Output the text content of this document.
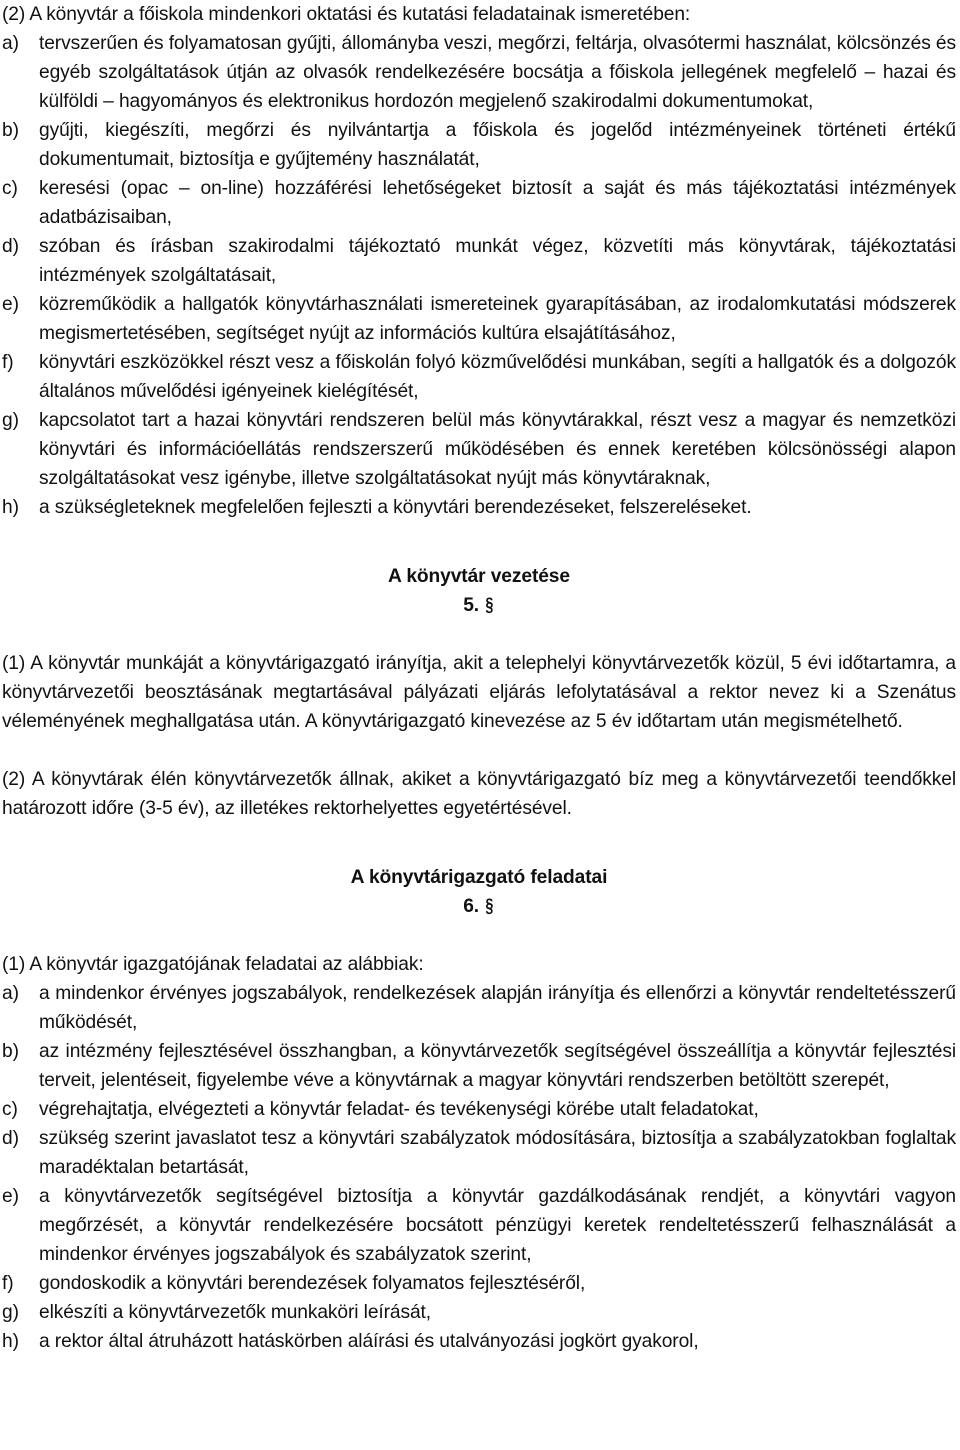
(2) A könyvtár a főiskola mindenkori oktatási és kutatási feladatainak ismeretében:

a)	tervszerűen és folyamatosan gyűjti, állományba veszi, megőrzi, feltárja, olvasótermi használat, kölcsönzés és egyéb szolgáltatások útján az olvasók rendelkezésére bocsátja a főiskola jellegének megfelelő – hazai és külföldi – hagyományos és elektronikus hordozón megjelenő szakirodalmi dokumentumokat,
b)	gyűjti, kiegészíti, megőrzi és nyilvántartja a főiskola és jogelőd intézményeinek történeti értékű dokumentumait, biztosítja e gyűjtemény használatát,
c)	keresési (opac – on-line) hozzáférési lehetőségeket biztosít a saját és más tájékoztatási intézmények adatbázisaiban,
d)	szóban és írásban szakirodalmi tájékoztató munkát végez, közvetíti más könyvtárak, tájékoztatási intézmények szolgáltatásait,
e)	közreműködik a hallgatók könyvtárhasználati ismereteinek gyarapításában, az irodalomkutatási módszerek megismertetésében, segítséget nyújt az információs kultúra elsajátításához,
f)	könyvtári eszközökkel részt vesz a főiskolán folyó közművelődési munkában, segíti a hallgatók és a dolgozók általános művelődési igényeinek kielégítését,
g)	kapcsolatot tart a hazai könyvtári rendszeren belül más könyvtárakkal, részt vesz a magyar és nemzetközi könyvtári és információellátás rendszerszerű működésében és ennek keretében kölcsönösségi alapon szolgáltatásokat vesz igénybe, illetve szolgáltatásokat nyújt más könyvtáraknak,
h)	a szükségleteknek megfelelően fejleszti a könyvtári berendezéseket, felszereléseket.

A könyvtár vezetése

5. §

(1) A könyvtár munkáját a könyvtárigazgató irányítja, akit a telephelyi könyvtárvezetők közül, 5 évi időtartamra, a könyvtárvezetői beosztásának megtartásával pályázati eljárás lefolytatásával a rektor nevez ki a Szenátus véleményének meghallgatása után. A könyvtárigazgató kinevezése az 5 év időtartam után megismételhető.

(2) A könyvtárak élén könyvtárvezetők állnak, akiket a könyvtárigazgató bíz meg a könyvtárvezetői teendőkkel határozott időre (3-5 év), az illetékes rektorhelyettes egyetértésével.

A könyvtárigazgató feladatai

6. §

(1) A könyvtár igazgatójának feladatai az alábbiak:

a)	a mindenkor érvényes jogszabályok, rendelkezések alapján irányítja és ellenőrzi a könyvtár rendeltetésszerű működését,
b)	az intézmény fejlesztésével összhangban, a könyvtárvezetők segítségével összeállítja a könyvtár fejlesztési terveit, jelentéseit, figyelembe véve a könyvtárnak a magyar könyvtári rendszerben betöltött szerepét,
c)	végrehajtatja, elvégezteti a könyvtár feladat- és tevékenységi körébe utalt feladatokat,
d)	szükség szerint javaslatot tesz a könyvtári szabályzatok módosítására, biztosítja a szabályzatokban foglaltak maradéktalan betartását,
e)	a könyvtárvezetők segítségével biztosítja a könyvtár gazdálkodásának rendjét, a könyvtári vagyon megőrzését, a könyvtár rendelkezésére bocsátott pénzügyi keretek rendeltetésszerű felhasználását a mindenkor érvényes jogszabályok és szabályzatok szerint,
f)	gondoskodik a könyvtári berendezések folyamatos fejlesztéséről,
g)	elkészíti a könyvtárvezetők munkaköri leírását,
h)	a rektor által átruházott hatáskörben aláírási és utalványozási jogkört gyakorol,
